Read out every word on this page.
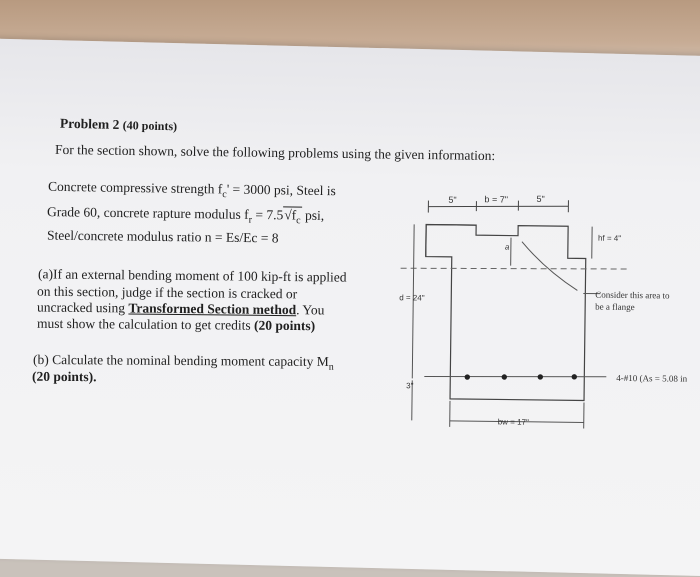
Problem 2 (40 points)
For the section shown, solve the following problems using the given information:
Concrete compressive strength $f_c' = 3000$ psi, Steel is
Grade 60, concrete rapture modulus $f_r = 7.5√f_c$ psi,
Steel/concrete modulus ratio n = Es/Ec = 8
(a)If an external bending moment of 100 kip-ft is applied
on this section, judge if the section is cracked or
uncracked using Transformed Section method. You
must show the calculation to get credits (20 points)
(b) Calculate the nominal bending moment capacity $M_n$
(20 points).
5"	b = 7"	5"
a
hf = 4"
d = 24"
3"
Consider this area to
be a flange
4-#10 (As = 5.08 in
bw = 17"
